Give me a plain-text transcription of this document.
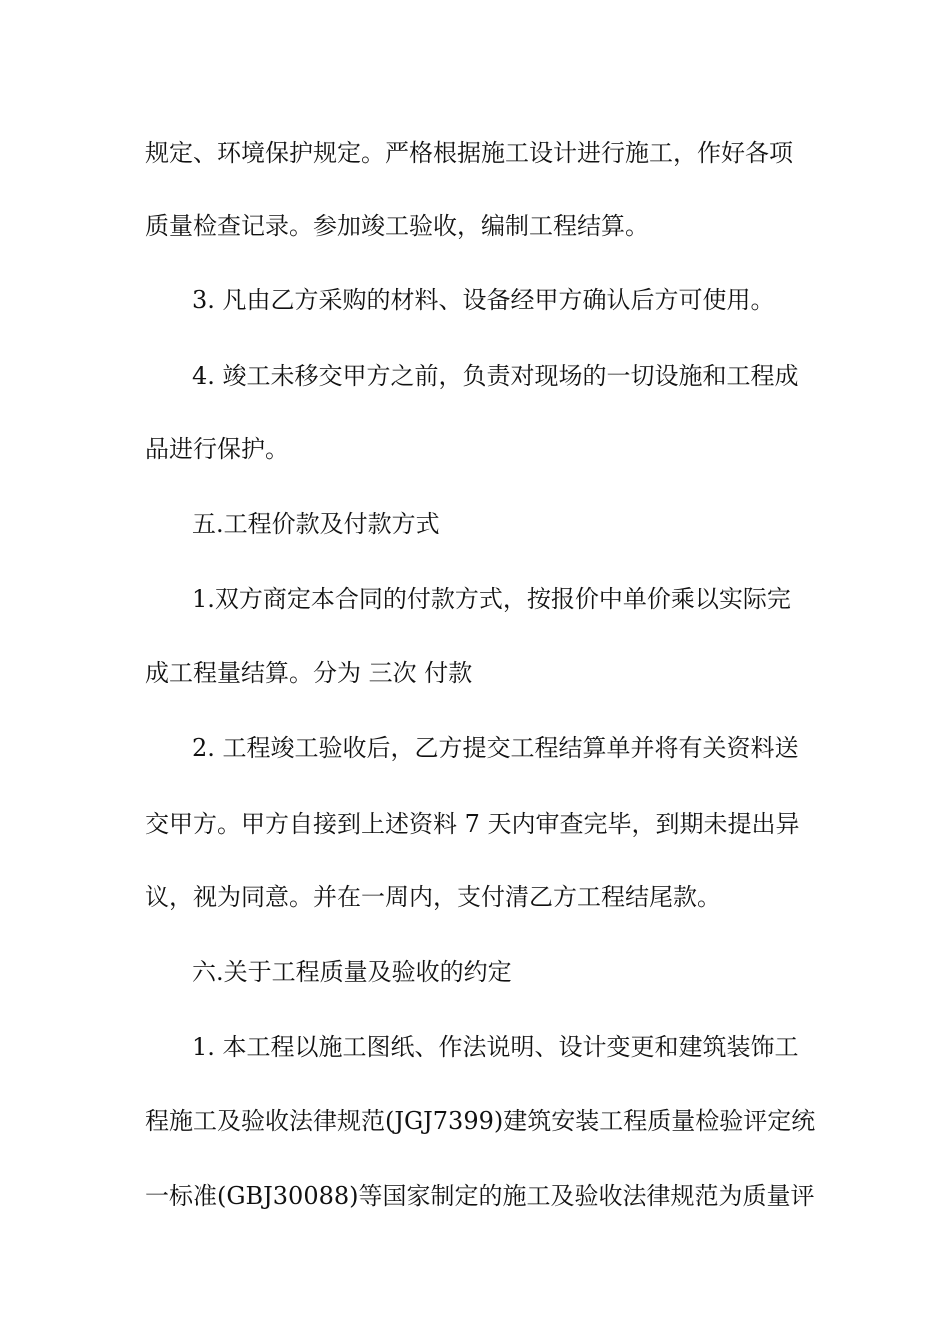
规定、环境保护规定。严格根据施工设计进行施工，作好各项

质量检查记录。参加竣工验收，编制工程结算。

3. 凡由乙方采购的材料、设备经甲方确认后方可使用。

4. 竣工未移交甲方之前，负责对现场的一切设施和工程成

品进行保护。

五.工程价款及付款方式

1.双方商定本合同的付款方式，按报价中单价乘以实际完

成工程量结算。分为 三次 付款

2. 工程竣工验收后，乙方提交工程结算单并将有关资料送

交甲方。甲方自接到上述资料 7 天内审查完毕，到期未提出异

议，视为同意。并在一周内，支付清乙方工程结尾款。

六.关于工程质量及验收的约定

1. 本工程以施工图纸、作法说明、设计变更和建筑装饰工

程施工及验收法律规范(JGJ7399)建筑安装工程质量检验评定统

一标准(GBJ30088)等国家制定的施工及验收法律规范为质量评
